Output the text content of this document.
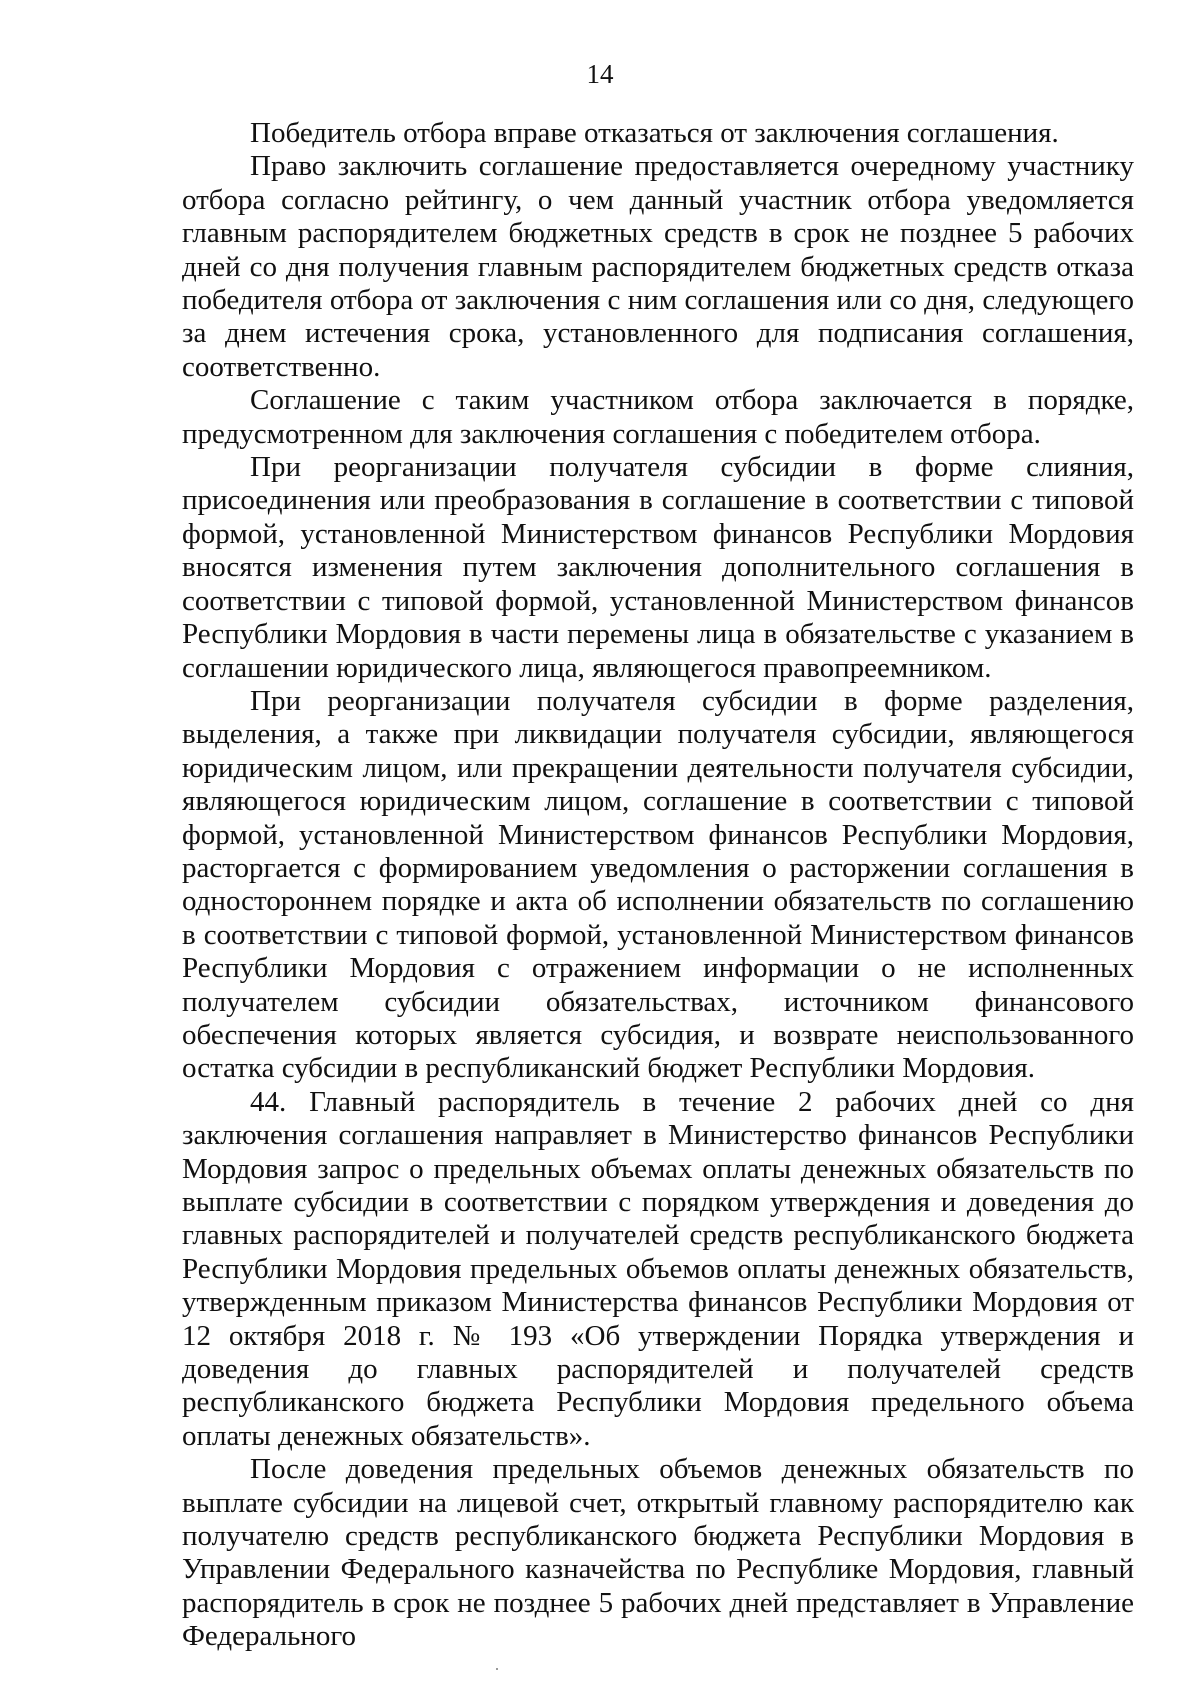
14

Победитель отбора вправе отказаться от заключения соглашения.

Право заключить соглашение предоставляется очередному участнику отбора согласно рейтингу, о чем данный участник отбора уведомляется главным распорядителем бюджетных средств в срок не позднее 5 рабочих дней со дня получения главным распорядителем бюджетных средств отказа победителя отбора от заключения с ним соглашения или со дня, следующего за днем истечения срока, установленного для подписания соглашения, соответственно.

Соглашение с таким участником отбора заключается в порядке, предусмотренном для заключения соглашения с победителем отбора.

При реорганизации получателя субсидии в форме слияния, присоединения или преобразования в соглашение в соответствии с типовой формой, установленной Министерством финансов Республики Мордовия вносятся изменения путем заключения дополнительного соглашения в соответствии с типовой формой, установленной Министерством финансов Республики Мордовия в части перемены лица в обязательстве с указанием в соглашении юридического лица, являющегося правопреемником.

При реорганизации получателя субсидии в форме разделения, выделения, а также при ликвидации получателя субсидии, являющегося юридическим лицом, или прекращении деятельности получателя субсидии, являющегося юридическим лицом, соглашение в соответствии с типовой формой, установленной Министерством финансов Республики Мордовия, расторгается с формированием уведомления о расторжении соглашения в одностороннем порядке и акта об исполнении обязательств по соглашению в соответствии с типовой формой, установленной Министерством финансов Республики Мордовия с отражением информации о не исполненных получателем субсидии обязательствах, источником финансового обеспечения которых является субсидия, и возврате неиспользованного остатка субсидии в республиканский бюджет Республики Мордовия.

44. Главный распорядитель в течение 2 рабочих дней со дня заключения соглашения направляет в Министерство финансов Республики Мордовия запрос о предельных объемах оплаты денежных обязательств по выплате субсидии в соответствии с порядком утверждения и доведения до главных распорядителей и получателей средств республиканского бюджета Республики Мордовия предельных объемов оплаты денежных обязательств, утвержденным приказом Министерства финансов Республики Мордовия от 12 октября 2018 г. № 193 «Об утверждении Порядка утверждения и доведения до главных распорядителей и получателей средств республиканского бюджета Республики Мордовия предельного объема оплаты денежных обязательств».

После доведения предельных объемов денежных обязательств по выплате субсидии на лицевой счет, открытый главному распорядителю как получателю средств республиканского бюджета Республики Мордовия в Управлении Федерального казначейства по Республике Мордовия, главный распорядитель в срок не позднее 5 рабочих дней представляет в Управление Федерального
